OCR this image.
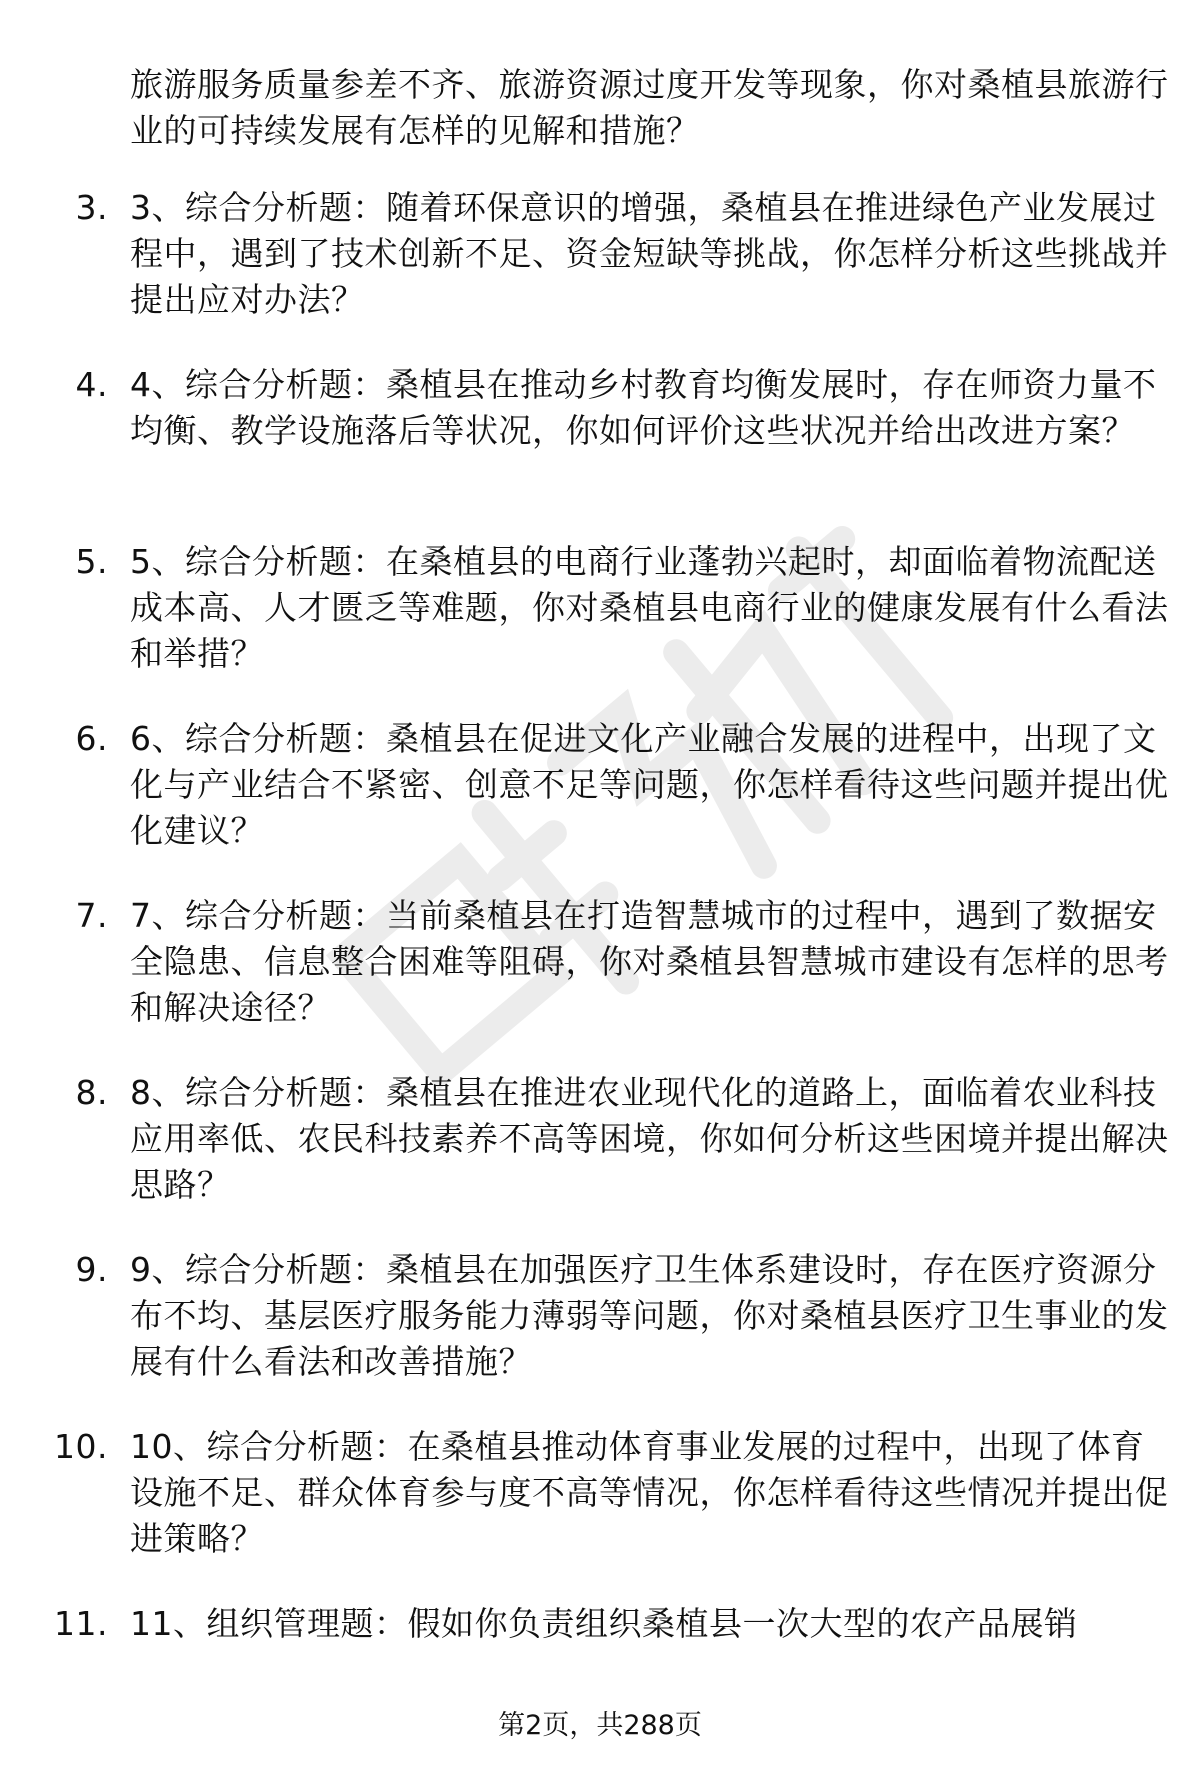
旅游服务质量参差不齐、旅游资源过度开发等现象，你对桑植县旅游行业的可持续发展有怎样的见解和措施？
3. 3、综合分析题：随着环保意识的增强，桑植县在推进绿色产业发展过程中，遇到了技术创新不足、资金短缺等挑战，你怎样分析这些挑战并提出应对办法？
4. 4、综合分析题：桑植县在推动乡村教育均衡发展时，存在师资力量不均衡、教学设施落后等状况，你如何评价这些状况并给出改进方案？
5. 5、综合分析题：在桑植县的电商行业蓬勃兴起时，却面临着物流配送成本高、人才匮乏等难题，你对桑植县电商行业的健康发展有什么看法和举措？
6. 6、综合分析题：桑植县在促进文化产业融合发展的进程中，出现了文化与产业结合不紧密、创意不足等问题，你怎样看待这些问题并提出优化建议？
7. 7、综合分析题：当前桑植县在打造智慧城市的过程中，遇到了数据安全隐患、信息整合困难等阻碍，你对桑植县智慧城市建设有怎样的思考和解决途径？
8. 8、综合分析题：桑植县在推进农业现代化的道路上，面临着农业科技应用率低、农民科技素养不高等困境，你如何分析这些困境并提出解决思路？
9. 9、综合分析题：桑植县在加强医疗卫生体系建设时，存在医疗资源分布不均、基层医疗服务能力薄弱等问题，你对桑植县医疗卫生事业的发展有什么看法和改善措施？
10. 10、综合分析题：在桑植县推动体育事业发展的过程中，出现了体育设施不足、群众体育参与度不高等情况，你怎样看待这些情况并提出促进策略？
11. 11、组织管理题：假如你负责组织桑植县一次大型的农产品展销
第2页，共288页
